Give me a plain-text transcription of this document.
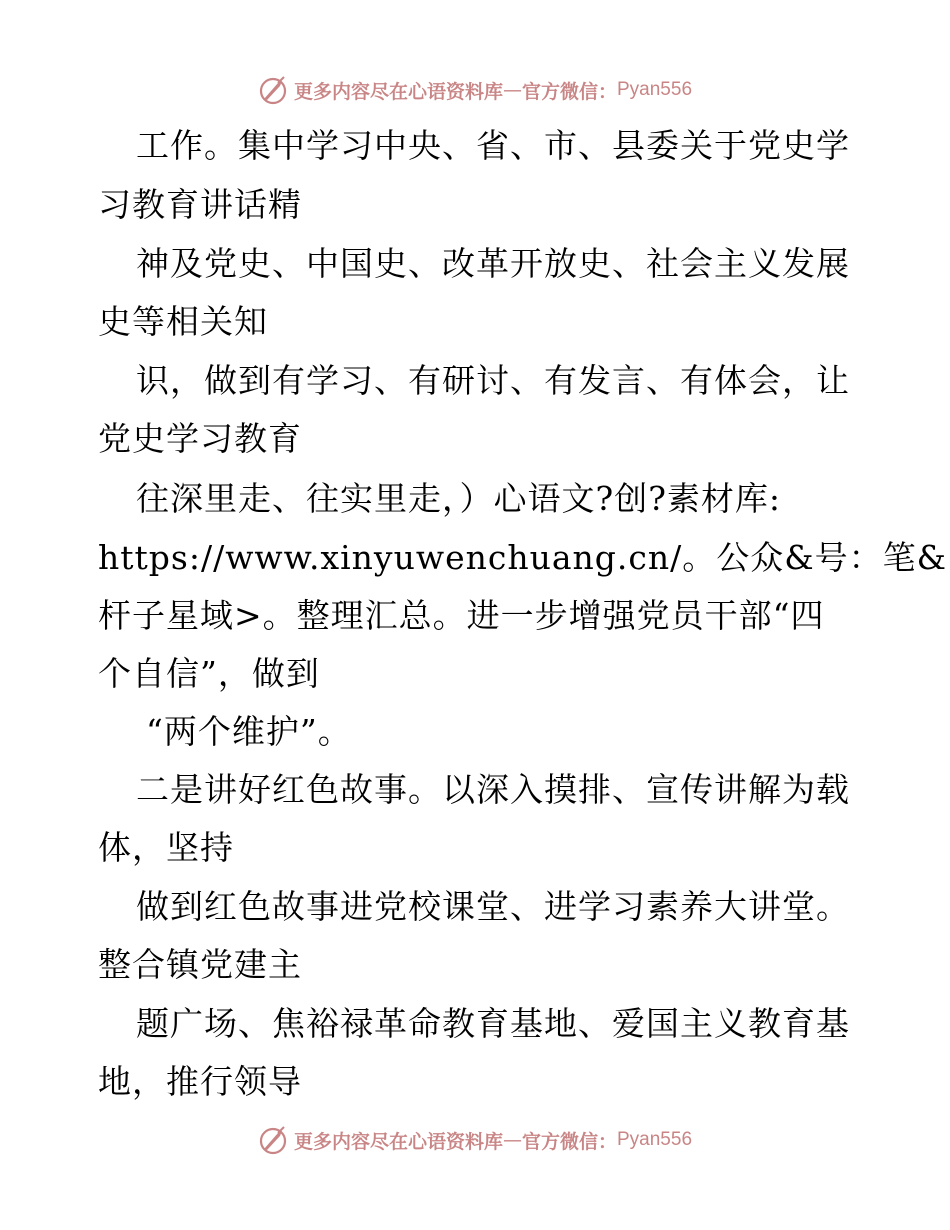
更多内容尽在心语资料库 — 官方微信： Pyan556
工作。集中学习中央、省、市、县委关于党史学
习教育讲话精
神及党史、中国史、改革开放史、社会主义发展
史等相关知
识，做到有学习、有研讨、有发言、有体会，让
党史学习教育
往深里走、往实里走，）心语文?创?素材库:
https://www.xinyuwenchuang.cn/。公众&号：笔&
杆子星域>。整理汇总。进一步增强党员干部“四
个自信”，做到
“两个维护”。
二是讲好红色故事。以深入摸排、宣传讲解为载
体，坚持
做到红色故事进党校课堂、进学习素养大讲堂。
整合镇党建主
题广场、焦裕禄革命教育基地、爱国主义教育基
地，推行领导
更多内容尽在心语资料库 — 官方微信： Pyan556
